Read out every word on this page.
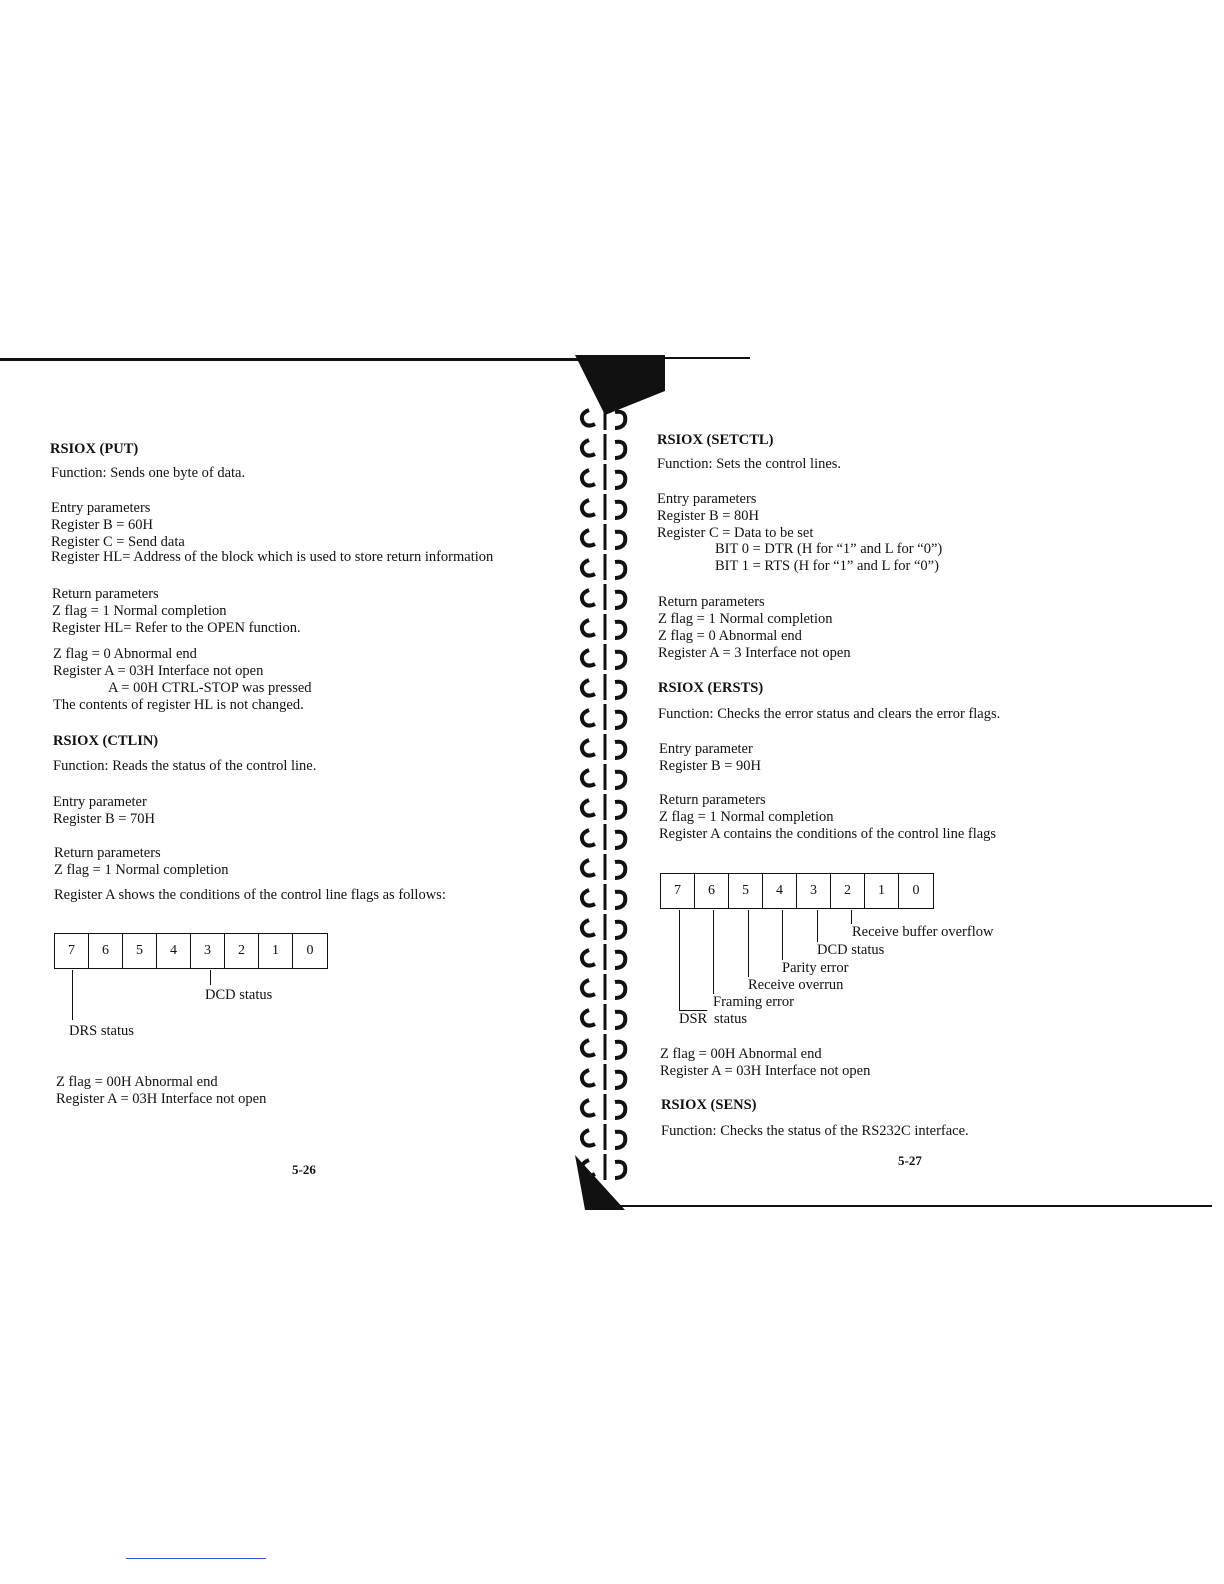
RSIOX (PUT)
Function: Sends one byte of data.
Entry parameters
Register B = 60H
Register C = Send data
Register HL= Address of the block which is used to store return information
Return parameters
Z flag = 1 Normal completion
Register HL= Refer to the OPEN function.
Z flag = 0 Abnormal end
Register A = 03H Interface not open
A = 00H CTRL-STOP was pressed
The contents of register HL is not changed.
RSIOX (CTLIN)
Function: Reads the status of the control line.
Entry parameter
Register B = 70H
Return parameters
Z flag = 1 Normal completion
Register A shows the conditions of the control line flags as follows:
7	6	5	4	3	2	1	0
DCD status
DRS status
Z flag = 00H Abnormal end
Register A = 03H Interface not open
5-26
RSIOX (SETCTL)
Function: Sets the control lines.
Entry parameters
Register B = 80H
Register C = Data to be set
BIT 0 = DTR (H for “1” and L for “0”)
BIT 1 = RTS (H for “1” and L for “0”)
Return parameters
Z flag = 1 Normal completion
Z flag = 0 Abnormal end
Register A = 3 Interface not open
RSIOX (ERSTS)
Function: Checks the error status and clears the error flags.
Entry parameter
Register B = 90H
Return parameters
Z flag = 1 Normal completion
Register A contains the conditions of the control line flags
7	6	5	4	3	2	1	0
Receive buffer overflow
DCD status
Parity error
Receive overrun
Framing error
$\overline{DSR}$ status
Z flag = 00H Abnormal end
Register A = 03H Interface not open
RSIOX (SENS)
Function: Checks the status of the RS232C interface.
5-27
